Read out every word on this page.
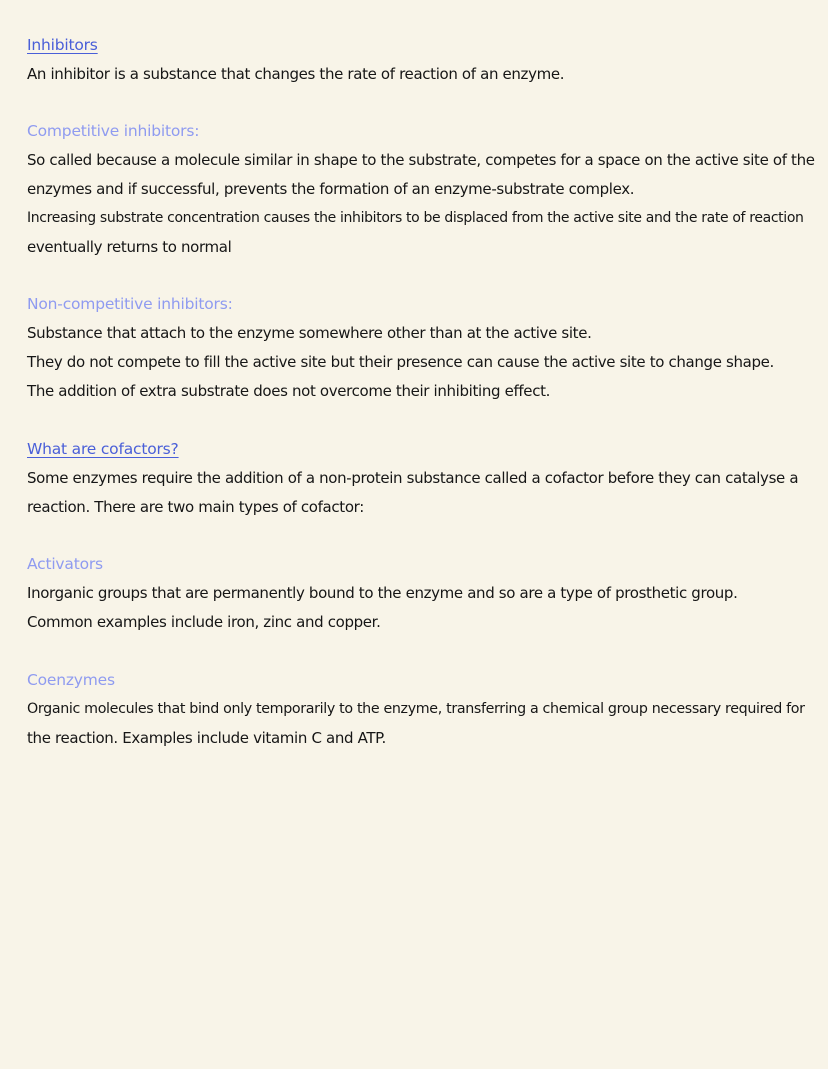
Inhibitors
An inhibitor is a substance that changes the rate of reaction of an enzyme.
Competitive inhibitors:
So called because a molecule similar in shape to the substrate, competes for a space on the active site of the
enzymes and if successful, prevents the formation of an enzyme-substrate complex.
Increasing substrate concentration causes the inhibitors to be displaced from the active site and the rate of reaction
eventually returns to normal
Non-competitive inhibitors:
Substance that attach to the enzyme somewhere other than at the active site.
They do not compete to fill the active site but their presence can cause the active site to change shape.
The addition of extra substrate does not overcome their inhibiting effect.
What are cofactors?
Some enzymes require the addition of a non-protein substance called a cofactor before they can catalyse a
reaction. There are two main types of cofactor:
Activators
Inorganic groups that are permanently bound to the enzyme and so are a type of prosthetic group.
Common examples include iron, zinc and copper.
Coenzymes
Organic molecules that bind only temporarily to the enzyme, transferring a chemical group necessary required for
the reaction. Examples include vitamin C and ATP.
